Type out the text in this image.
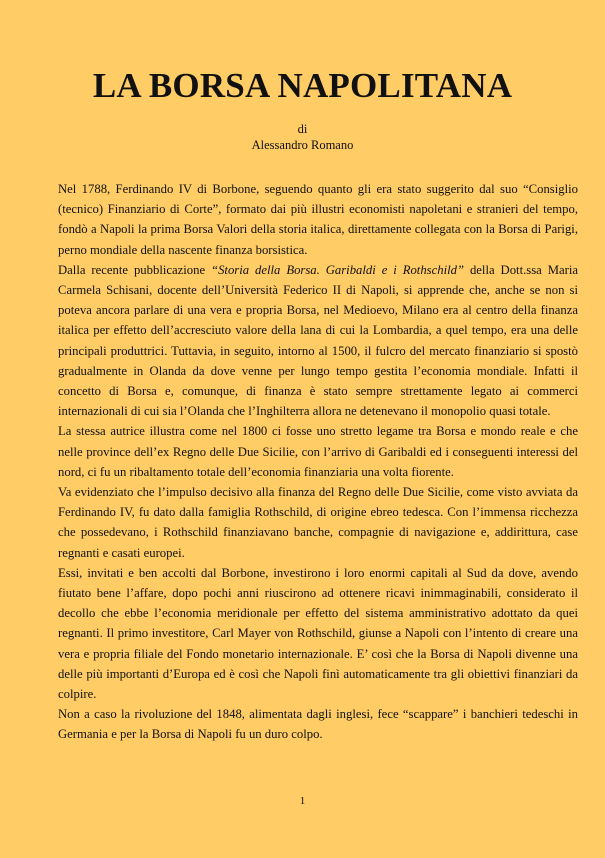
LA BORSA NAPOLITANA
di
Alessandro Romano

Nel 1788, Ferdinando IV di Borbone, seguendo quanto gli era stato suggerito dal suo “Consiglio (tecnico) Finanziario di Corte”, formato dai più illustri economisti napoletani e stranieri del tempo, fondò a Napoli la prima Borsa Valori della storia italica, direttamente collegata con la Borsa di Parigi, perno mondiale della nascente finanza borsistica.

Dalla recente pubblicazione “Storia della Borsa. Garibaldi e i Rothschild” della Dott.ssa Maria Carmela Schisani, docente dell’Università Federico II di Napoli, si apprende che, anche se non si poteva ancora parlare di una vera e propria Borsa, nel Medioevo, Milano era al centro della finanza italica per effetto dell’accresciuto valore della lana di cui la Lombardia, a quel tempo, era una delle principali produttrici. Tuttavia, in seguito, intorno al 1500, il fulcro del mercato finanziario si spostò gradualmente in Olanda da dove venne per lungo tempo gestita l’economia mondiale. Infatti il concetto di Borsa e, comunque, di finanza è stato sempre strettamente legato ai commerci internazionali di cui sia l’Olanda che l’Inghilterra allora ne detenevano il monopolio quasi totale.

La stessa autrice illustra come nel 1800 ci fosse uno stretto legame tra Borsa e mondo reale e che nelle province dell’ex Regno delle Due Sicilie, con l’arrivo di Garibaldi ed i conseguenti interessi del nord, ci fu un ribaltamento totale dell’economia finanziaria una volta fiorente.

Va evidenziato che l’impulso decisivo alla finanza del Regno delle Due Sicilie, come visto avviata da Ferdinando IV, fu dato dalla famiglia Rothschild, di origine ebreo tedesca. Con l’immensa ricchezza che possedevano, i Rothschild finanziavano banche, compagnie di navigazione e, addirittura, case regnanti e casati europei.

Essi, invitati e ben accolti dal Borbone, investirono i loro enormi capitali al Sud da dove, avendo fiutato bene l’affare, dopo pochi anni riuscirono ad ottenere ricavi inimmaginabili, considerato il decollo che ebbe l’economia meridionale per effetto del sistema amministrativo adottato da quei regnanti. Il primo investitore, Carl Mayer von Rothschild, giunse a Napoli con l’intento di creare una vera e propria filiale del Fondo monetario internazionale. E’ così che la Borsa di Napoli divenne una delle più importanti d’Europa ed è così che Napoli finì automaticamente tra gli obiettivi finanziari da colpire.

Non a caso la rivoluzione del 1848, alimentata dagli inglesi, fece “scappare” i banchieri tedeschi in Germania e per la Borsa di Napoli fu un duro colpo.

1
